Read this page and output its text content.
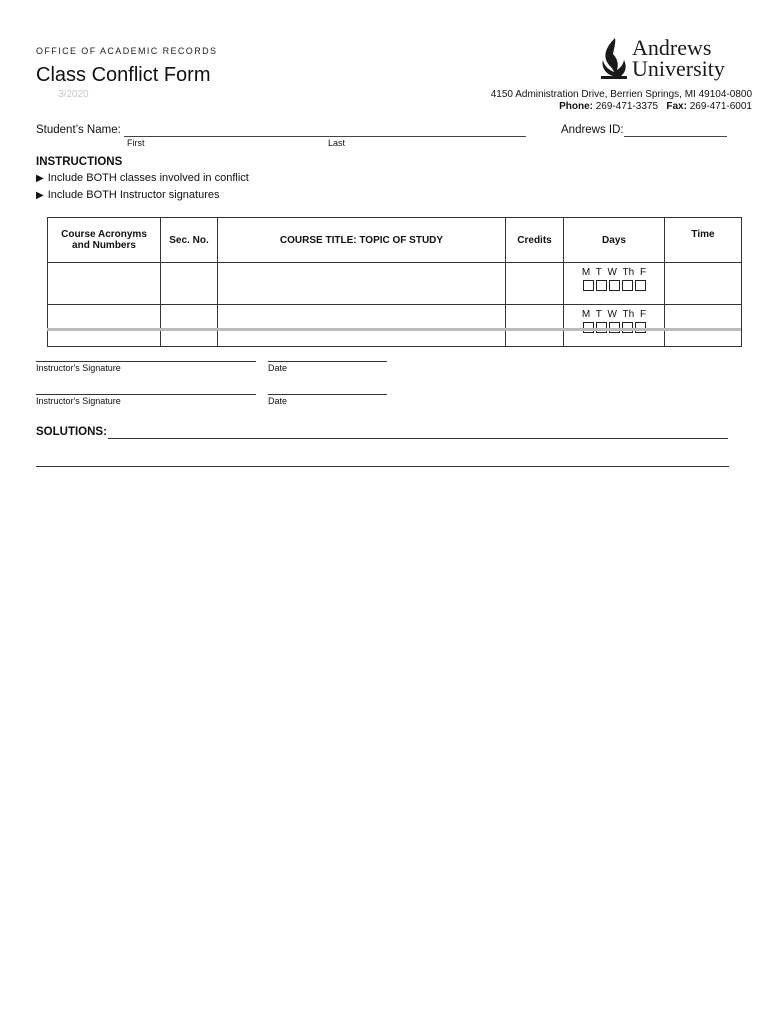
OFFICE OF ACADEMIC RECORDS
Class Conflict Form
3/2020
Andrews
University
4150 Administration Drive, Berrien Springs, MI 49104-0800
Phone: 269-471-3375 Fax: 269-471-6001
Student’s Name:
First	Last
Andrews ID:
INSTRUCTIONS
▶ Include BOTH classes involved in conflict
▶ Include BOTH Instructor signatures
Course Acronyms
and Numbers	Sec. No.	COURSE TITLE: TOPIC OF STUDY	Credits	Days	Time

				M T W Th F	

				M T W Th F	

Instructor's Signature	Date
Instructor's Signature	Date
SOLUTIONS:
